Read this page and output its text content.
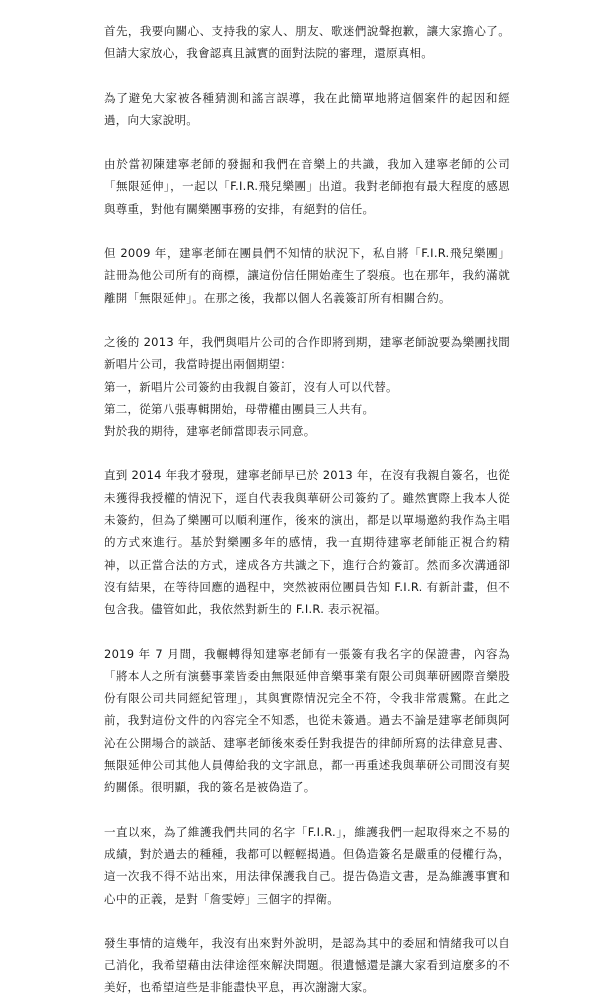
首先，我要向關心、支持我的家人、朋友、歌迷們說聲抱歉，讓大家擔心了。但請大家放心，我會認真且誠實的面對法院的審理，還原真相。

為了避免大家被各種猜測和謠言誤導，我在此簡單地將這個案件的起因和經過，向大家說明。

由於當初陳建寧老師的發掘和我們在音樂上的共識，我加入建寧老師的公司「無限延伸」，一起以「F.I.R.飛兒樂團」出道。我對老師抱有最大程度的感恩與尊重，對他有關樂團事務的安排，有絕對的信任。

但 2009 年，建寧老師在團員們不知情的狀況下，私自將「F.I.R.飛兒樂團」註冊為他公司所有的商標，讓這份信任開始產生了裂痕。也在那年，我約滿就離開「無限延伸」。在那之後，我都以個人名義簽訂所有相關合約。

之後的 2013 年，我們與唱片公司的合作即將到期，建寧老師說要為樂團找間新唱片公司，我當時提出兩個期望：
第一，新唱片公司簽約由我親自簽訂，沒有人可以代替。
第二，從第八張專輯開始，母帶權由團員三人共有。
對於我的期待，建寧老師當即表示同意。

直到 2014 年我才發現，建寧老師早已於 2013 年，在沒有我親自簽名，也從未獲得我授權的情況下，逕自代表我與華研公司簽約了。雖然實際上我本人從未簽約，但為了樂團可以順利運作，後來的演出，都是以單場邀約我作為主唱的方式來進行。基於對樂團多年的感情，我一直期待建寧老師能正視合約精神，以正當合法的方式，達成各方共識之下，進行合約簽訂。然而多次溝通卻沒有結果，在等待回應的過程中，突然被兩位團員告知 F.I.R. 有新計畫，但不包含我。儘管如此，我依然對新生的 F.I.R. 表示祝福。

2019 年 7 月間，我輾轉得知建寧老師有一張簽有我名字的保證書，內容為「將本人之所有演藝事業皆委由無限延伸音樂事業有限公司與華研國際音樂股份有限公司共同經紀管理」，其與實際情況完全不符，令我非常震驚。在此之前，我對這份文件的內容完全不知悉，也從未簽過。過去不論是建寧老師與阿沁在公開場合的談話、建寧老師後來委任對我提告的律師所寫的法律意見書、無限延伸公司其他人員傳給我的文字訊息，都一再重述我與華研公司間沒有契約關係。很明顯，我的簽名是被偽造了。

一直以來，為了維護我們共同的名字「F.I.R.」，維護我們一起取得來之不易的成績，對於過去的種種，我都可以輕輕揭過。但偽造簽名是嚴重的侵權行為，這一次我不得不站出來，用法律保護我自己。提告偽造文書，是為維護事實和心中的正義，是對「詹雯婷」三個字的捍衛。

發生事情的這幾年，我沒有出來對外說明，是認為其中的委屈和情緒我可以自己消化，我希望藉由法律途徑來解決問題。很遺憾還是讓大家看到這麼多的不美好，也希望這些是非能盡快平息，再次謝謝大家。
